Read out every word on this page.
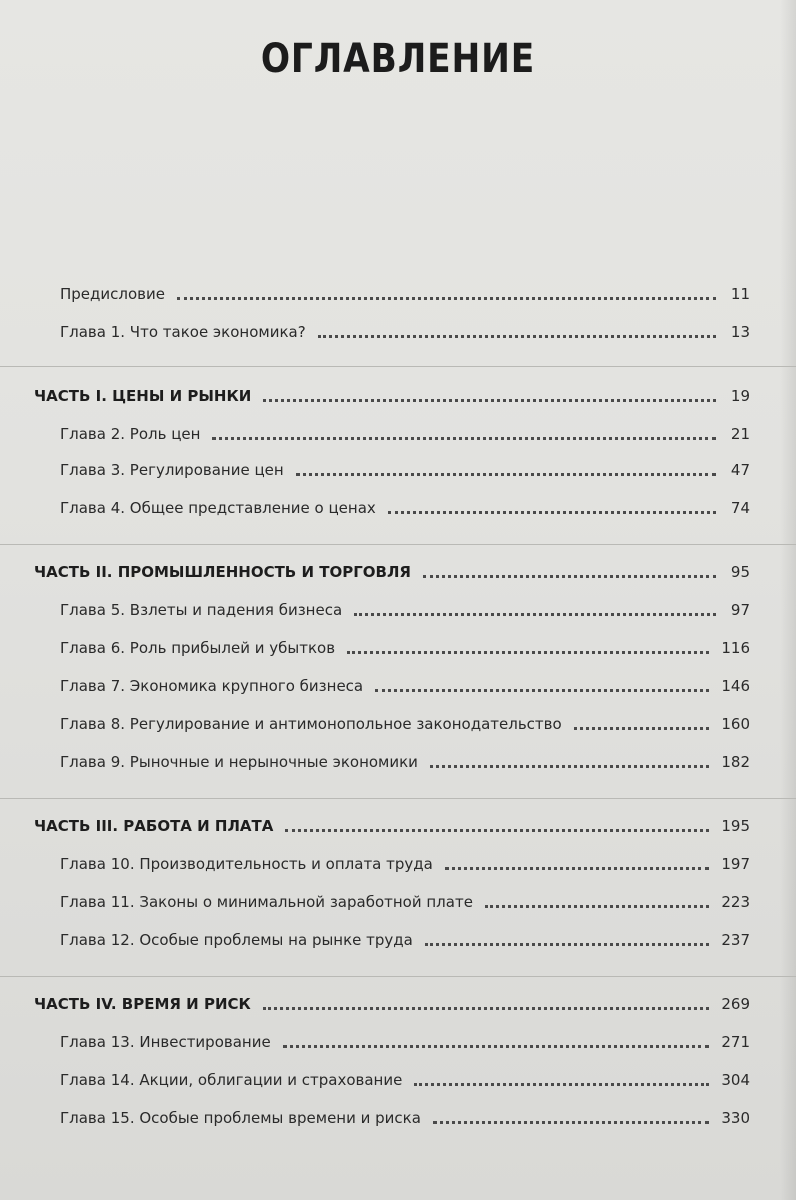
ОГЛАВЛЕНИЕ
Предисловие	11
Глава 1. Что такое экономика?	13
ЧАСТЬ I. ЦЕНЫ И РЫНКИ	19
Глава 2. Роль цен	21
Глава 3. Регулирование цен	47
Глава 4. Общее представление о ценах	74
ЧАСТЬ II. ПРОМЫШЛЕННОСТЬ И ТОРГОВЛЯ	95
Глава 5. Взлеты и падения бизнеса	97
Глава 6. Роль прибылей и убытков	116
Глава 7. Экономика крупного бизнеса	146
Глава 8. Регулирование и антимонопольное законодательство	160
Глава 9. Рыночные и нерыночные экономики	182
ЧАСТЬ III. РАБОТА И ПЛАТА	195
Глава 10. Производительность и оплата труда	197
Глава 11. Законы о минимальной заработной плате	223
Глава 12. Особые проблемы на рынке труда	237
ЧАСТЬ IV. ВРЕМЯ И РИСК	269
Глава 13. Инвестирование	271
Глава 14. Акции, облигации и страхование	304
Глава 15. Особые проблемы времени и риска	330
